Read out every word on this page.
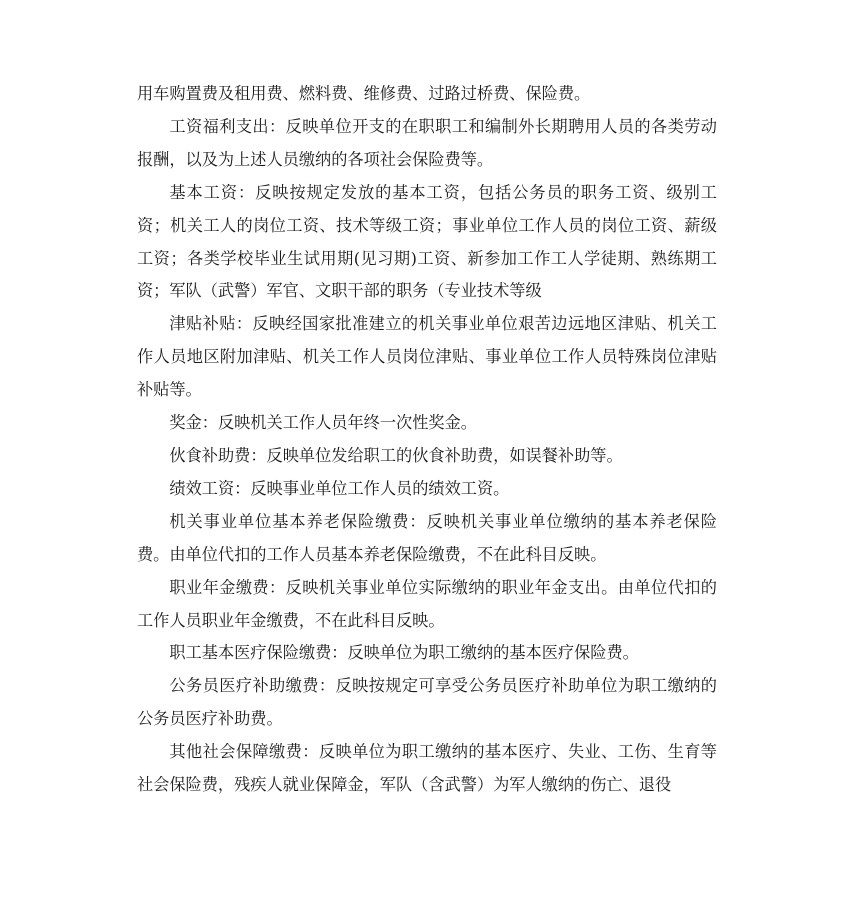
用车购置费及租用费、燃料费、维修费、过路过桥费、保险费。

工资福利支出：反映单位开支的在职职工和编制外长期聘用人员的各类劳动报酬，以及为上述人员缴纳的各项社会保险费等。

基本工资：反映按规定发放的基本工资，包括公务员的职务工资、级别工资；机关工人的岗位工资、技术等级工资；事业单位工作人员的岗位工资、薪级工资；各类学校毕业生试用期(见习期)工资、新参加工作工人学徒期、熟练期工资；军队（武警）军官、文职干部的职务（专业技术等级

津贴补贴：反映经国家批准建立的机关事业单位艰苦边远地区津贴、机关工作人员地区附加津贴、机关工作人员岗位津贴、事业单位工作人员特殊岗位津贴补贴等。

奖金：反映机关工作人员年终一次性奖金。

伙食补助费：反映单位发给职工的伙食补助费，如误餐补助等。

绩效工资：反映事业单位工作人员的绩效工资。

机关事业单位基本养老保险缴费：反映机关事业单位缴纳的基本养老保险费。由单位代扣的工作人员基本养老保险缴费，不在此科目反映。

职业年金缴费：反映机关事业单位实际缴纳的职业年金支出。由单位代扣的工作人员职业年金缴费，不在此科目反映。

职工基本医疗保险缴费：反映单位为职工缴纳的基本医疗保险费。

公务员医疗补助缴费：反映按规定可享受公务员医疗补助单位为职工缴纳的公务员医疗补助费。

其他社会保障缴费：反映单位为职工缴纳的基本医疗、失业、工伤、生育等社会保险费，残疾人就业保障金，军队（含武警）为军人缴纳的伤亡、退役
